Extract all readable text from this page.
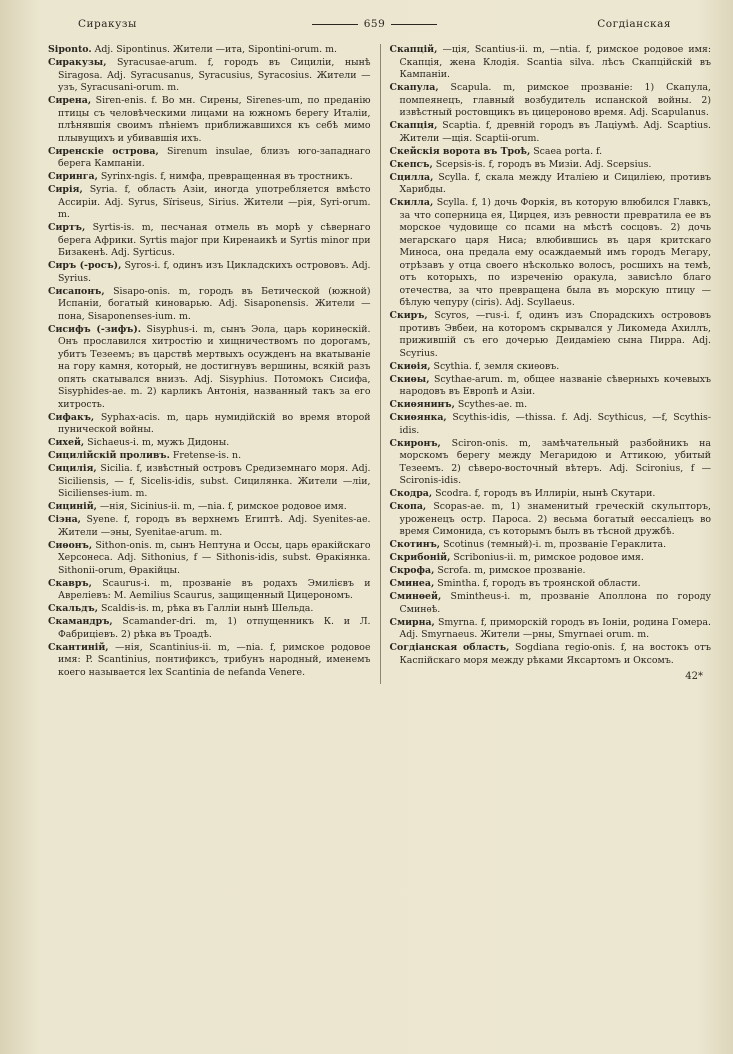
Сиракузы	659	Согдіанская

Siponto. Adj. Sipontinus. Жители —ита, Sipontini-orum. m.

Сиракузы, Syracusae-arum. f, городъ въ Сициліи, нынѣ Siragosa. Adj. Syracusanus, Syracusius, Syracosius. Жители —узъ, Syracusani-orum. m.

Сирена, Siren-enis. f. Во мн. Сирены, Sirenes-um, по преданію птицы съ человѣческими лицами на южномъ берегу Италіи, плѣнявшія своимъ пѣніемъ приближавшихся къ себѣ мимо плывущихъ и убивавшія ихъ.

Сиренскіе острова, Sirenum insulae, близъ юго-западнаго берега Кампаніи.

Сиринга, Syrinx-ngis. f, нимфа, превращенная въ тростникъ.

Сирія, Syria. f, область Азіи, иногда употребляется вмѣсто Ассиріи. Adj. Syrus, Sïriseus, Sirius. Жители —рія, Syri-orum. m.

Сиртъ, Syrtis-is. m, песчаная отмель въ морѣ у сѣвернаго берега Африки. Syrtis major при Киренаикѣ и Syrtis minor при Бизакенѣ. Adj. Syrticus.

Сиръ (-росъ), Syros-i. f, одинъ изъ Цикладскихъ острововъ. Adj. Syrius.

Сисапонъ, Sisapo-onis. m, городъ въ Бетической (южной) Испаніи, богатый киноварью. Adj. Sisaponensis. Жители —пона, Sisaponenses-ium. m.

Сисифъ (-зифъ). Sisyphus-i. m, сынъ Эола, царь коринѳскій. Онъ прославился хитростію и хищничествомъ по дорогамъ, убитъ Тезеемъ; въ царствѣ мертвыхъ осужденъ на вкатываніе на гору камня, который, не достигнувъ вершины, всякій разъ опять скатывался внизъ. Adj. Sisyphius. Потомокъ Сисифа, Sisyphides-ae. m. 2) карликъ Антонія, названный такъ за его хитрость.

Сифакъ, Syphax-acis. m, царь нумидійскій во время второй пунической войны.

Сихей, Sichaeus-i. m, мужъ Дидоны.

Сицилійскій проливъ. Fretense-is. n.

Сицилія, Sicilia. f, извѣстный островъ Средиземнаго моря. Adj. Siciliensis, — f, Sicelis-idis, subst. Сицилянка. Жители —ліи, Sicilienses-ium. m.

Сициній, —нія, Sicinius-ii. m, —nia. f, римское родовое имя.

Сіэна, Syene. f, городъ въ верхнемъ Египтѣ. Adj. Syenites-ae. Жители —эны, Syenitae-arum. m.

Сиѳонъ, Sithon-onis. m, сынъ Нептуна и Оссы, царь ѳракійскаго Херсонеса. Adj. Sithonius, f — Sithonis-idis, subst. Ѳракіянка. Sithonii-orum, Ѳракійцы.

Скавръ, Scaurus-i. m, прозваніе въ родахъ Эмилієвъ и Авреліевъ: M. Aemilius Scaurus, защищенный Цицерономъ.

Скальдъ, Scaldis-is. m, рѣка въ Галліи нынѣ Шельда.

Скамандръ, Scamander-dri. m, 1) отпущенникъ К. и Л. Фабриціевъ. 2) рѣка въ Троадѣ.

Скантиній, —нія, Scantinius-ii. m, —nia. f, римское родовое имя: P. Scantinius, понтификсъ, трибунъ народный, именемъ коего называется lex Scantinia de nefanda Venere.

Скапцій, —ція, Scantius-ii. m, —ntia. f, римское родовое имя: Скапція, жена Клодія. Scantia silva. лѣсъ Скапційскій въ Кампаніи.

Скапула, Scapula. m, римское прозваніе: 1) Скапула, помпеянецъ, главный возбудитель испанской войны. 2) извѣстный ростовщикъ въ цицероново время. Adj. Scapulanus.

Скапція, Scaptia. f, древній городъ въ Лаціумѣ. Adj. Scaptius. Жители —щія. Scaptii-orum.

Скейскія ворота въ Троѣ, Scaea porta. f.

Скепсъ, Scepsis-is. f, городъ въ Мизіи. Adj. Scepsius.

Сцилла, Scylla. f, скала между Италіею и Сициліею, противъ Харибды.

Скилла, Scylla. f, 1) дочь Форкія, въ которую влюбился Главкъ, за что соперница ея, Цирцея, изъ ревности превратила ее въ морское чудовище со псами на мѣстѣ сосцовъ. 2) дочь мегарскаго царя Ниса; влюбившись въ царя критскаго Миноса, она предала ему осаждаемый имъ городъ Мегару, отрѣзавъ у отца своего нѣсколько волосъ, росшихъ на темѣ, отъ которыхъ, по изреченію оракула, зависѣло благо отечества, за что превращена была въ морскую птицу — бѣлую чепуру (ciris). Adj. Scyllaeus.

Скиръ, Scyros, —rus-i. f, одинъ изъ Спорадскихъ острововъ противъ Эвбеи, на которомъ скрывался у Ликомеда Ахиллъ, прижившій съ его дочерью Деидаміею сына Пирра. Adj. Scyrius.

Скиѳія, Scythia. f, земля скиѳовъ.

Скиѳы, Scythae-arum. m, общее названіе сѣверныхъ кочевыхъ народовъ въ Европѣ и Азіи.

Скиѳянинъ, Scythes-ae. m.

Скиѳянка, Scythis-idis, —thissa. f. Adj. Scythicus, —f, Scythis-idis.

Скиронъ, Sciron-onis. m, замѣчательный разбойникъ на морскомъ берегу между Мегаридою и Аттикою, убитый Тезеемъ. 2) сѣверо-восточный вѣтеръ. Adj. Scironius, f — Scironis-idis.

Скодра, Scodra. f, городъ въ Иллиріи, нынѣ Скутари.

Скопа, Scopas-ae. m, 1) знаменитый греческій скульпторъ, уроженецъ остр. Пароса. 2) весьма богатый ѳессаліецъ во время Симонида, съ которымъ былъ въ тѣсной дружбѣ.

Скотинъ, Scotinus (темный)-i. m, прозваніе Гераклита.

Скрибоній, Scribonius-ii. m, римское родовое имя.

Скрофа, Scrofa. m, римское прозваніе.

Сминеа, Sminthа. f, городъ въ троянской области.

Сминѳей, Smintheus-i. m, прозваніе Аполлона по городу Сминѳѣ.

Смирна, Smyrna. f, приморскій городъ въ Іоніи, родина Гомера. Adj. Smyrnaeus. Жители —рны, Smyrnaei orum. m.

Согдіанская область, Sogdiana regio-onis. f, на востокъ отъ Каспійскаго моря между рѣками Яксартомъ и Оксомъ.

42*
